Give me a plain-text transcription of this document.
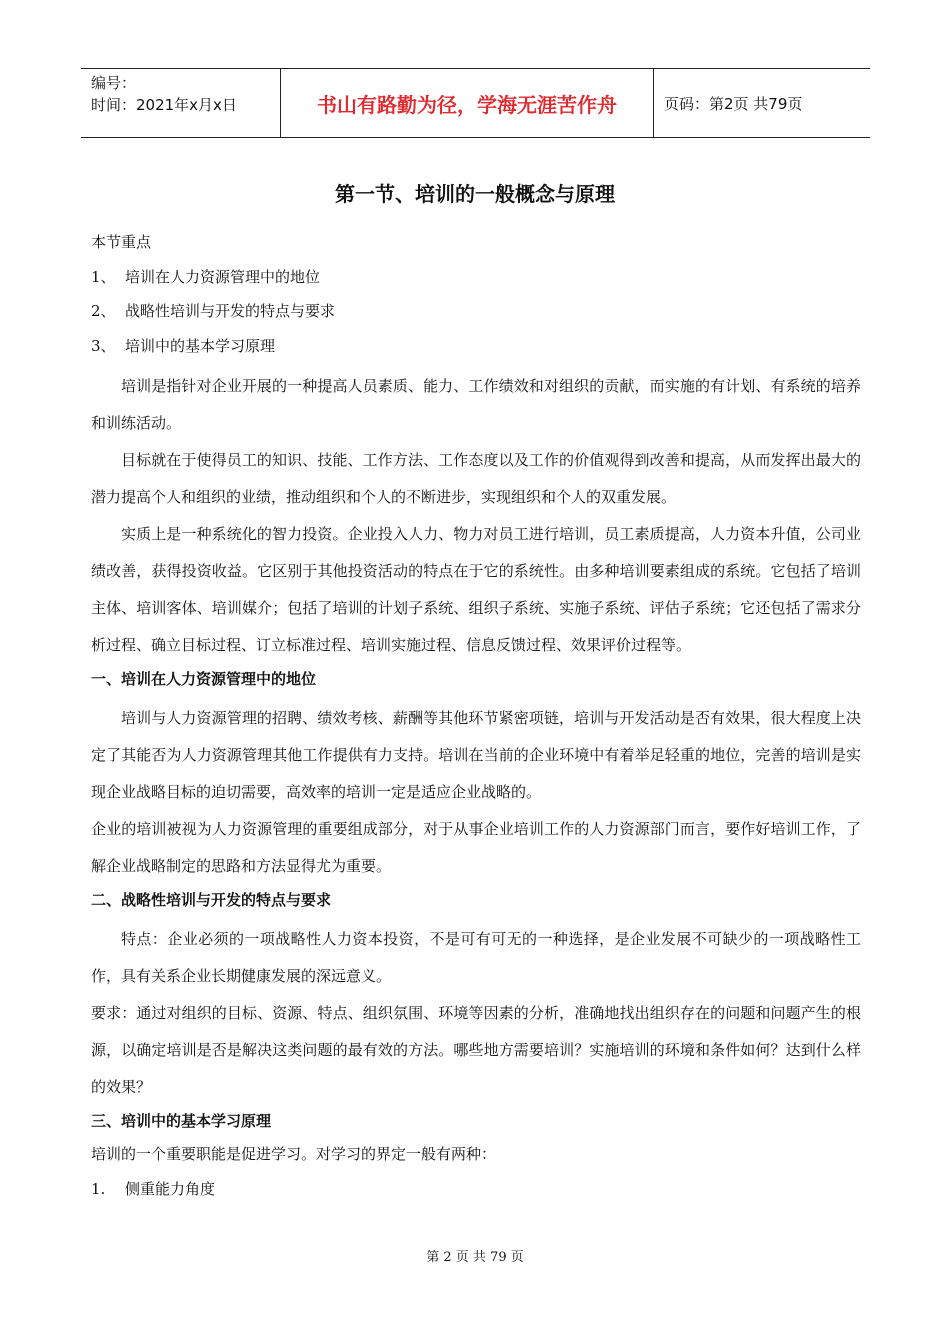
编号：
时间：2021年x月x日	书山有路勤为径，学海无涯苦作舟	页码：第2页 共79页
第一节、培训的一般概念与原理
本节重点
1、 培训在人力资源管理中的地位
2、 战略性培训与开发的特点与要求
3、 培训中的基本学习原理

培训是指针对企业开展的一种提高人员素质、能力、工作绩效和对组织的贡献，而实施的有计划、有系统的培养和训练活动。

目标就在于使得员工的知识、技能、工作方法、工作态度以及工作的价值观得到改善和提高，从而发挥出最大的潜力提高个人和组织的业绩，推动组织和个人的不断进步，实现组织和个人的双重发展。

实质上是一种系统化的智力投资。企业投入人力、物力对员工进行培训，员工素质提高，人力资本升值，公司业绩改善，获得投资收益。它区别于其他投资活动的特点在于它的系统性。由多种培训要素组成的系统。它包括了培训主体、培训客体、培训媒介；包括了培训的计划子系统、组织子系统、实施子系统、评估子系统；它还包括了需求分析过程、确立目标过程、订立标准过程、培训实施过程、信息反馈过程、效果评价过程等。

一、培训在人力资源管理中的地位

培训与人力资源管理的招聘、绩效考核、薪酬等其他环节紧密项链，培训与开发活动是否有效果，很大程度上决定了其能否为人力资源管理其他工作提供有力支持。培训在当前的企业环境中有着举足轻重的地位，完善的培训是实现企业战略目标的迫切需要，高效率的培训一定是适应企业战略的。

企业的培训被视为人力资源管理的重要组成部分，对于从事企业培训工作的人力资源部门而言，要作好培训工作，了解企业战略制定的思路和方法显得尤为重要。

二、战略性培训与开发的特点与要求

特点：企业必须的一项战略性人力资本投资，不是可有可无的一种选择，是企业发展不可缺少的一项战略性工作，具有关系企业长期健康发展的深远意义。

要求：通过对组织的目标、资源、特点、组织氛围、环境等因素的分析，准确地找出组织存在的问题和问题产生的根源，以确定培训是否是解决这类问题的最有效的方法。哪些地方需要培训？实施培训的环境和条件如何？达到什么样的效果？

三、培训中的基本学习原理
培训的一个重要职能是促进学习。对学习的界定一般有两种：
1.	侧重能力角度
第 2 页 共 79 页
